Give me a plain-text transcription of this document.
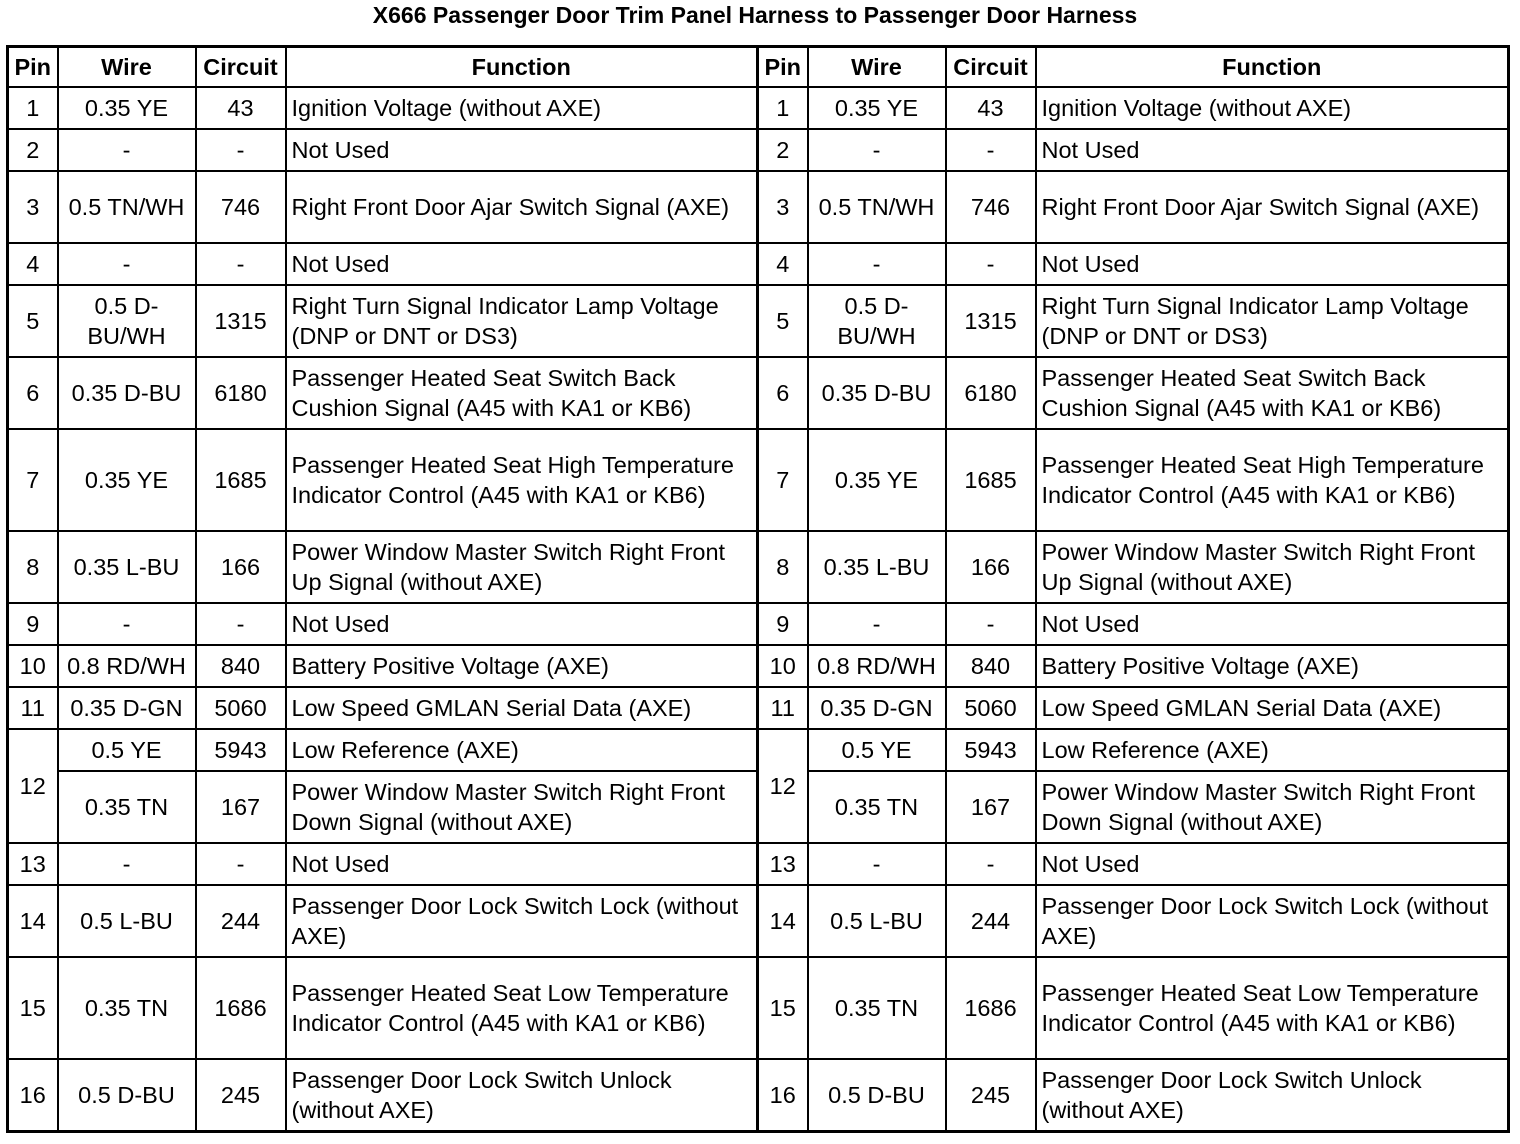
X666 Passenger Door Trim Panel Harness to Passenger Door Harness
Pin	Wire	Circuit	Function	Pin	Wire	Circuit	Function
1	0.35 YE	43	Ignition Voltage (without AXE)	1	0.35 YE	43	Ignition Voltage (without AXE)
2	-	-	Not Used	2	-	-	Not Used
3	0.5 TN/WH	746	Right Front Door Ajar Switch Signal (AXE)	3	0.5 TN/WH	746	Right Front Door Ajar Switch Signal (AXE)
4	-	-	Not Used	4	-	-	Not Used
5	0.5 D-BU/WH	1315	Right Turn Signal Indicator Lamp Voltage (DNP or DNT or DS3)	5	0.5 D-BU/WH	1315	Right Turn Signal Indicator Lamp Voltage (DNP or DNT or DS3)
6	0.35 D-BU	6180	Passenger Heated Seat Switch Back Cushion Signal (A45 with KA1 or KB6)	6	0.35 D-BU	6180	Passenger Heated Seat Switch Back Cushion Signal (A45 with KA1 or KB6)
7	0.35 YE	1685	Passenger Heated Seat High Temperature Indicator Control (A45 with KA1 or KB6)	7	0.35 YE	1685	Passenger Heated Seat High Temperature Indicator Control (A45 with KA1 or KB6)
8	0.35 L-BU	166	Power Window Master Switch Right Front Up Signal (without AXE)	8	0.35 L-BU	166	Power Window Master Switch Right Front Up Signal (without AXE)
9	-	-	Not Used	9	-	-	Not Used
10	0.8 RD/WH	840	Battery Positive Voltage (AXE)	10	0.8 RD/WH	840	Battery Positive Voltage (AXE)
11	0.35 D-GN	5060	Low Speed GMLAN Serial Data (AXE)	11	0.35 D-GN	5060	Low Speed GMLAN Serial Data (AXE)
12	0.5 YE	5943	Low Reference (AXE)	12	0.5 YE	5943	Low Reference (AXE)
	0.35 TN	167	Power Window Master Switch Right Front Down Signal (without AXE)		0.35 TN	167	Power Window Master Switch Right Front Down Signal (without AXE)
13	-	-	Not Used	13	-	-	Not Used
14	0.5 L-BU	244	Passenger Door Lock Switch Lock (without AXE)	14	0.5 L-BU	244	Passenger Door Lock Switch Lock (without AXE)
15	0.35 TN	1686	Passenger Heated Seat Low Temperature Indicator Control (A45 with KA1 or KB6)	15	0.35 TN	1686	Passenger Heated Seat Low Temperature Indicator Control (A45 with KA1 or KB6)
16	0.5 D-BU	245	Passenger Door Lock Switch Unlock (without AXE)	16	0.5 D-BU	245	Passenger Door Lock Switch Unlock (without AXE)
